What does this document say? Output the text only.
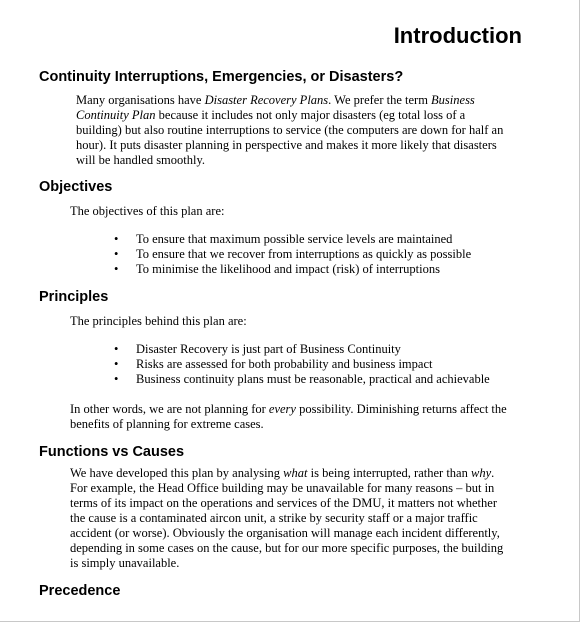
Introduction
Continuity Interruptions, Emergencies, or Disasters?
Many organisations have Disaster Recovery Plans. We prefer the term Business
Continuity Plan because it includes not only major disasters (eg total loss of a
building) but also routine interruptions to service (the computers are down for half an
hour). It puts disaster planning in perspective and makes it more likely that disasters
will be handled smoothly.
Objectives
The objectives of this plan are:
• To ensure that maximum possible service levels are maintained
• To ensure that we recover from interruptions as quickly as possible
• To minimise the likelihood and impact (risk) of interruptions
Principles
The principles behind this plan are:
• Disaster Recovery is just part of Business Continuity
• Risks are assessed for both probability and business impact
• Business continuity plans must be reasonable, practical and achievable
In other words, we are not planning for every possibility. Diminishing returns affect the
benefits of planning for extreme cases.
Functions vs Causes
We have developed this plan by analysing what is being interrupted, rather than why.
For example, the Head Office building may be unavailable for many reasons – but in
terms of its impact on the operations and services of the DMU, it matters not whether
the cause is a contaminated aircon unit, a strike by security staff or a major traffic
accident (or worse). Obviously the organisation will manage each incident differently,
depending in some cases on the cause, but for our more specific purposes, the building
is simply unavailable.
Precedence
